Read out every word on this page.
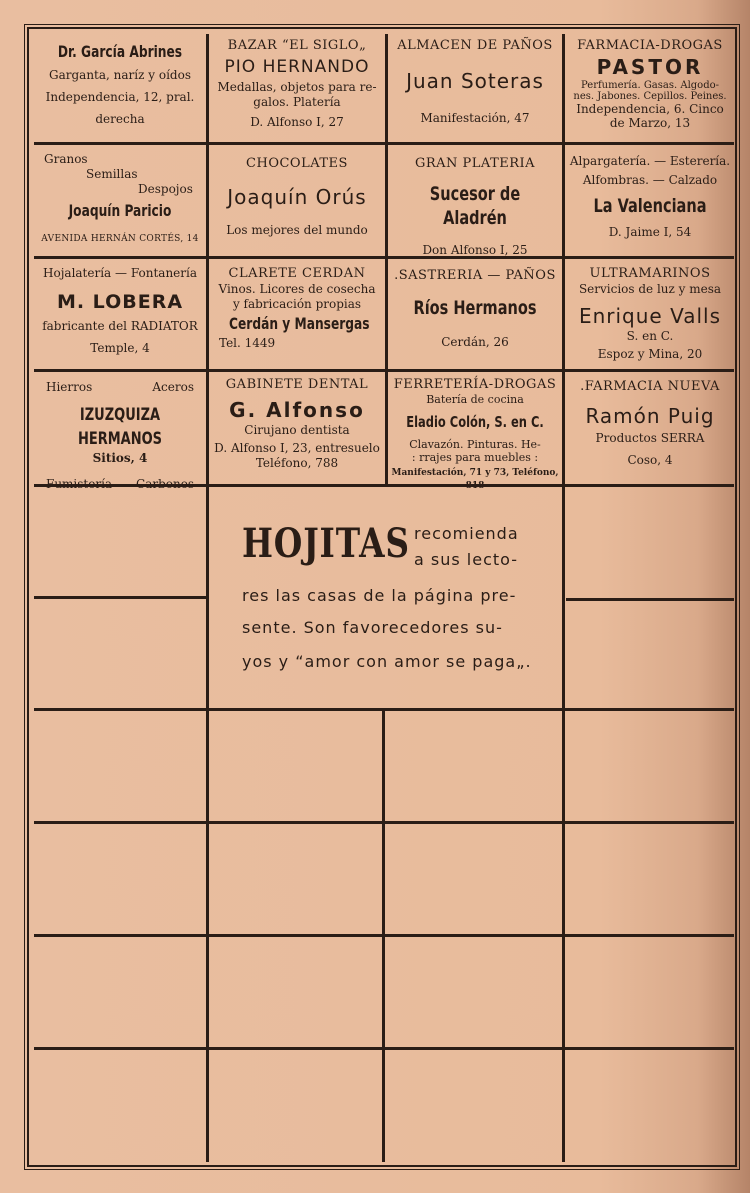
Dr. García Abrines
Garganta, naríz y oídos
Independencia, 12, pral.
derecha
BAZAR “EL SIGLO„
PIO HERNANDO
Medallas, objetos para re-
galos. Platería
D. Alfonso I, 27
ALMACEN DE PAÑOS
Juan Soteras
Manifestación, 47
FARMACIA-DROGAS
PASTOR
Perfumería. Gasas. Algodo-
nes. Jabones. Cepillos. Peines.
Independencia, 6. Cinco
de Marzo, 13
Granos
Semillas
Despojos
Joaquín Paricio
AVENIDA HERNÁN CORTÉS, 14
CHOCOLATES
Joaquín Orús
Los mejores del mundo
GRAN PLATERIA
Sucesor de Aladrén
Don Alfonso I, 25
Alpargatería. — Esterería.
Alfombras. — Calzado
La Valenciana
D. Jaime I, 54
Hojalatería — Fontanería
M. LOBERA
fabricante del RADIATOR
Temple, 4
CLARETE CERDAN
Vinos. Licores de cosecha
y fabricación propias
Cerdán y Mansergas
Tel. 1449
.SASTRERIA — PAÑOS
Ríos Hermanos
Cerdán, 26
ULTRAMARINOS
Servicios de luz y mesa
Enrique Valls
S. en C.
Espoz y Mina, 20
Hierros	Aceros
IZUZQUIZA HERMANOS
Sitios, 4
Fumistería Carbones
GABINETE DENTAL
G. Alfonso
Cirujano dentista
D. Alfonso I, 23, entresuelo
Teléfono, 788
FERRETERÍA-DROGAS
Batería de cocina
Eladio Colón, S. en C.
Clavazón. Pinturas. He-
: rrajes para muebles :
Manifestación, 71 y 73, Teléfono, 818
.FARMACIA NUEVA
Ramón Puig
Productos SERRA
Coso, 4
HOJITAS recomienda
a sus lecto-
res las casas de la página pre-
sente. Son favorecedores su-
yos y “amor con amor se paga„.
